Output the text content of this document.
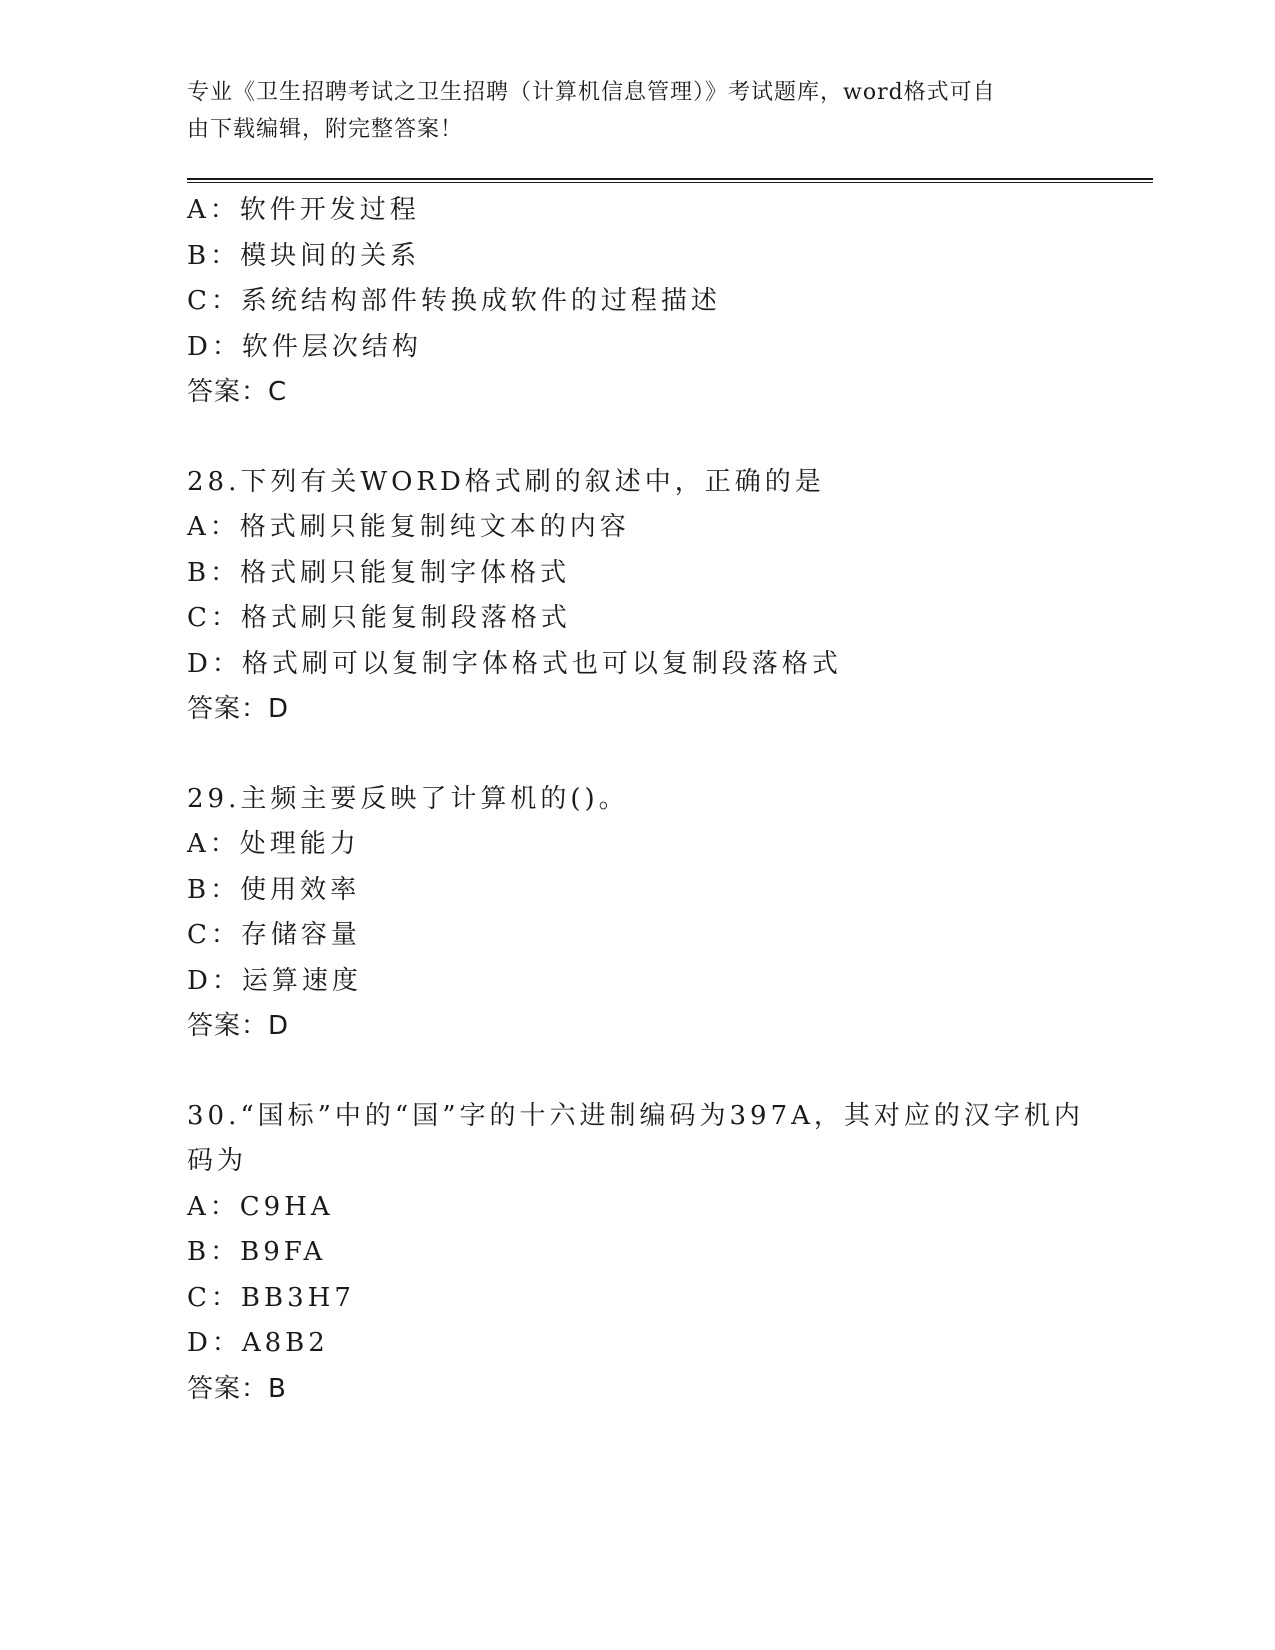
专业《卫生招聘考试之卫生招聘（计算机信息管理）》考试题库，word格式可自
由下载编辑，附完整答案！
A：软件开发过程
B：模块间的关系
C：系统结构部件转换成软件的过程描述
D：软件层次结构
答案：C
28.下列有关WORD格式刷的叙述中，正确的是
A：格式刷只能复制纯文本的内容
B：格式刷只能复制字体格式
C：格式刷只能复制段落格式
D：格式刷可以复制字体格式也可以复制段落格式
答案：D
29.主频主要反映了计算机的()。
A：处理能力
B：使用效率
C：存储容量
D：运算速度
答案：D
30.“国标”中的“国”字的十六进制编码为397A，其对应的汉字机内
码为
A：C9HA
B：B9FA
C：BB3H7
D：A8B2
答案：B
